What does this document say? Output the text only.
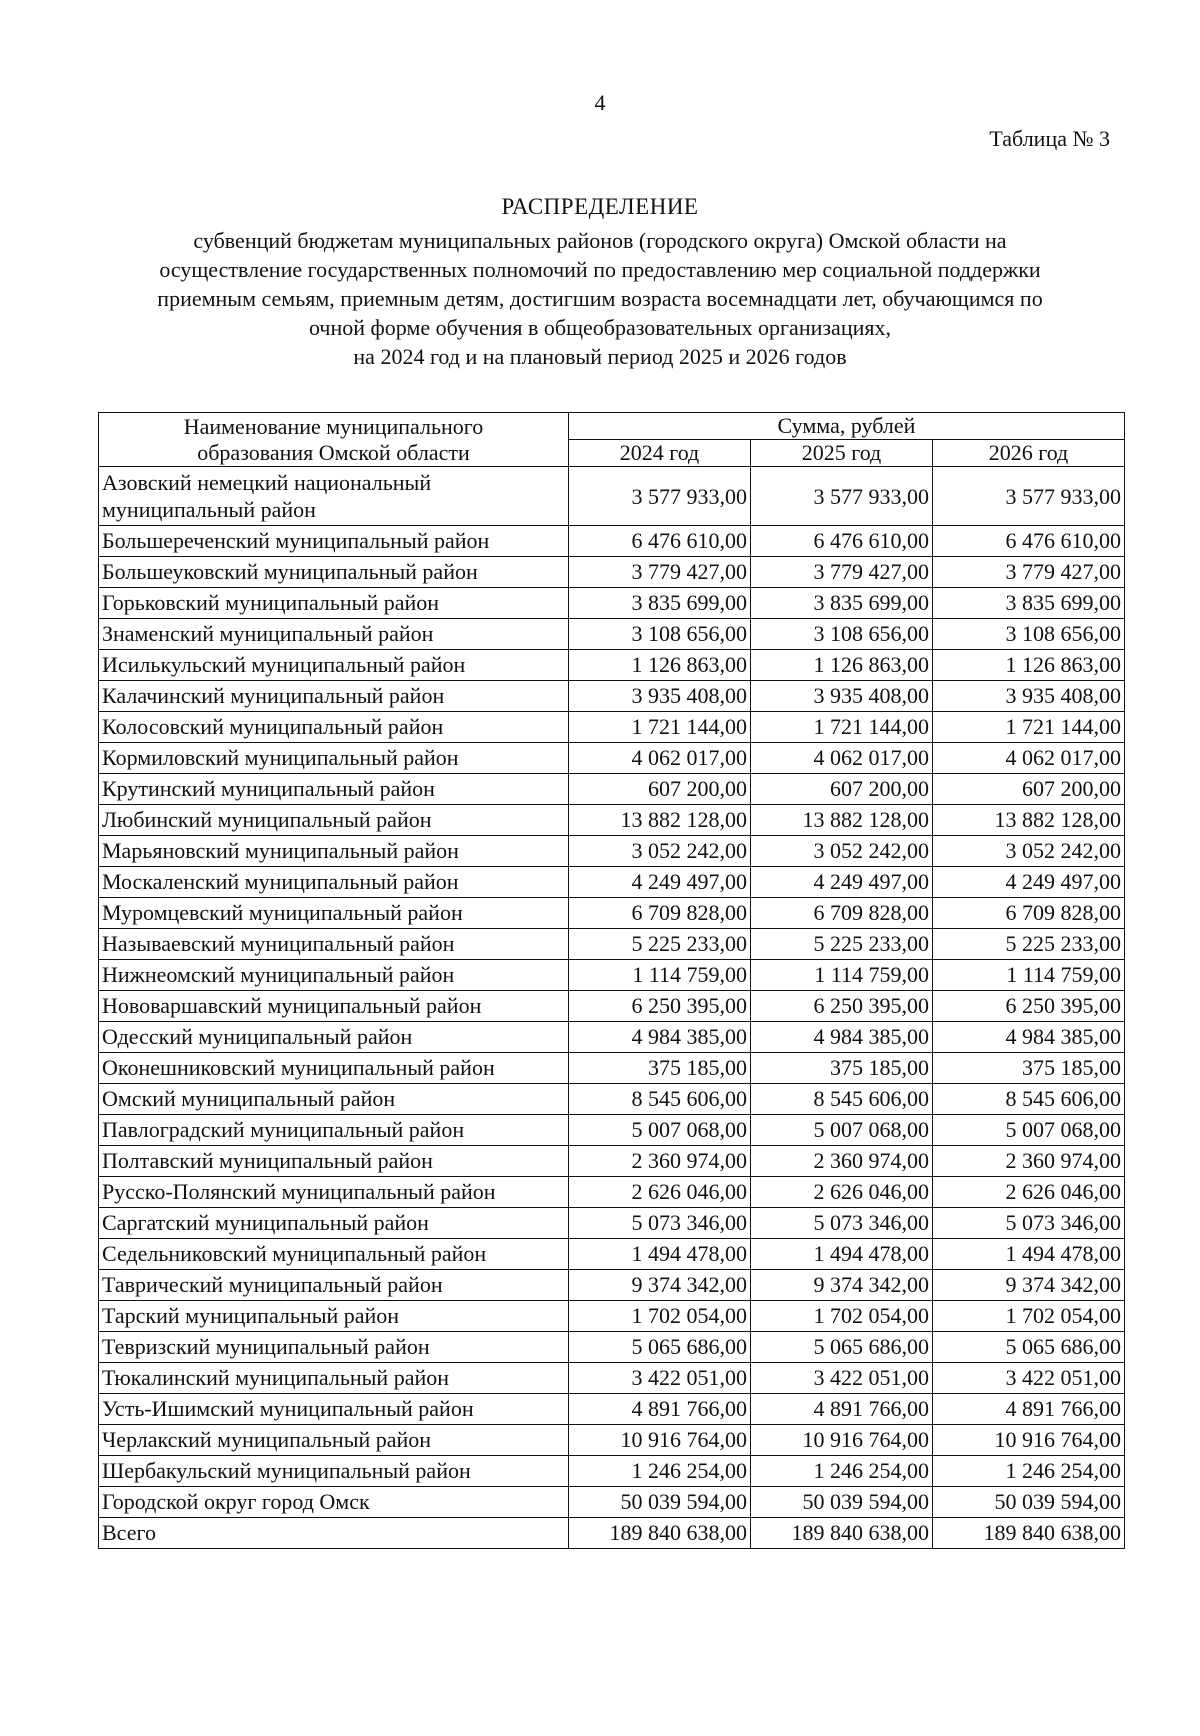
4
Таблица № 3
РАСПРЕДЕЛЕНИЕ
субвенций бюджетам муниципальных районов (городского округа) Омской области на
осуществление государственных полномочий по предоставлению мер социальной поддержки
приемным семьям, приемным детям, достигшим возраста восемнадцати лет, обучающимся по
очной форме обучения в общеобразовательных организациях,
на 2024 год и на плановый период 2025 и 2026 годов
Наименование муниципального
образования Омской области	Сумма, рублей		
	2024 год	2025 год	2026 год

Азовский немецкий национальный
муниципальный район	3 577 933,00	3 577 933,00	3 577 933,00
Большереченский муниципальный район	6 476 610,00	6 476 610,00	6 476 610,00
Большеуковский муниципальный район	3 779 427,00	3 779 427,00	3 779 427,00
Горьковский муниципальный район	3 835 699,00	3 835 699,00	3 835 699,00
Знаменский муниципальный район	3 108 656,00	3 108 656,00	3 108 656,00
Исилькульский муниципальный район	1 126 863,00	1 126 863,00	1 126 863,00
Калачинский муниципальный район	3 935 408,00	3 935 408,00	3 935 408,00
Колосовский муниципальный район	1 721 144,00	1 721 144,00	1 721 144,00
Кормиловский муниципальный район	4 062 017,00	4 062 017,00	4 062 017,00
Крутинский муниципальный район	607 200,00	607 200,00	607 200,00
Любинский муниципальный район	13 882 128,00	13 882 128,00	13 882 128,00
Марьяновский муниципальный район	3 052 242,00	3 052 242,00	3 052 242,00
Москаленский муниципальный район	4 249 497,00	4 249 497,00	4 249 497,00
Муромцевский муниципальный район	6 709 828,00	6 709 828,00	6 709 828,00
Называевский муниципальный район	5 225 233,00	5 225 233,00	5 225 233,00
Нижнеомский муниципальный район	1 114 759,00	1 114 759,00	1 114 759,00
Нововаршавский муниципальный район	6 250 395,00	6 250 395,00	6 250 395,00
Одесский муниципальный район	4 984 385,00	4 984 385,00	4 984 385,00
Оконешниковский муниципальный район	375 185,00	375 185,00	375 185,00
Омский муниципальный район	8 545 606,00	8 545 606,00	8 545 606,00
Павлоградский муниципальный район	5 007 068,00	5 007 068,00	5 007 068,00
Полтавский муниципальный район	2 360 974,00	2 360 974,00	2 360 974,00
Русско-Полянский муниципальный район	2 626 046,00	2 626 046,00	2 626 046,00
Саргатский муниципальный район	5 073 346,00	5 073 346,00	5 073 346,00
Седельниковский муниципальный район	1 494 478,00	1 494 478,00	1 494 478,00
Таврический муниципальный район	9 374 342,00	9 374 342,00	9 374 342,00
Тарский муниципальный район	1 702 054,00	1 702 054,00	1 702 054,00
Тевризский муниципальный район	5 065 686,00	5 065 686,00	5 065 686,00
Тюкалинский муниципальный район	3 422 051,00	3 422 051,00	3 422 051,00
Усть-Ишимский муниципальный район	4 891 766,00	4 891 766,00	4 891 766,00
Черлакский муниципальный район	10 916 764,00	10 916 764,00	10 916 764,00
Шербакульский муниципальный район	1 246 254,00	1 246 254,00	1 246 254,00
Городской округ город Омск	50 039 594,00	50 039 594,00	50 039 594,00
Всего	189 840 638,00	189 840 638,00	189 840 638,00
